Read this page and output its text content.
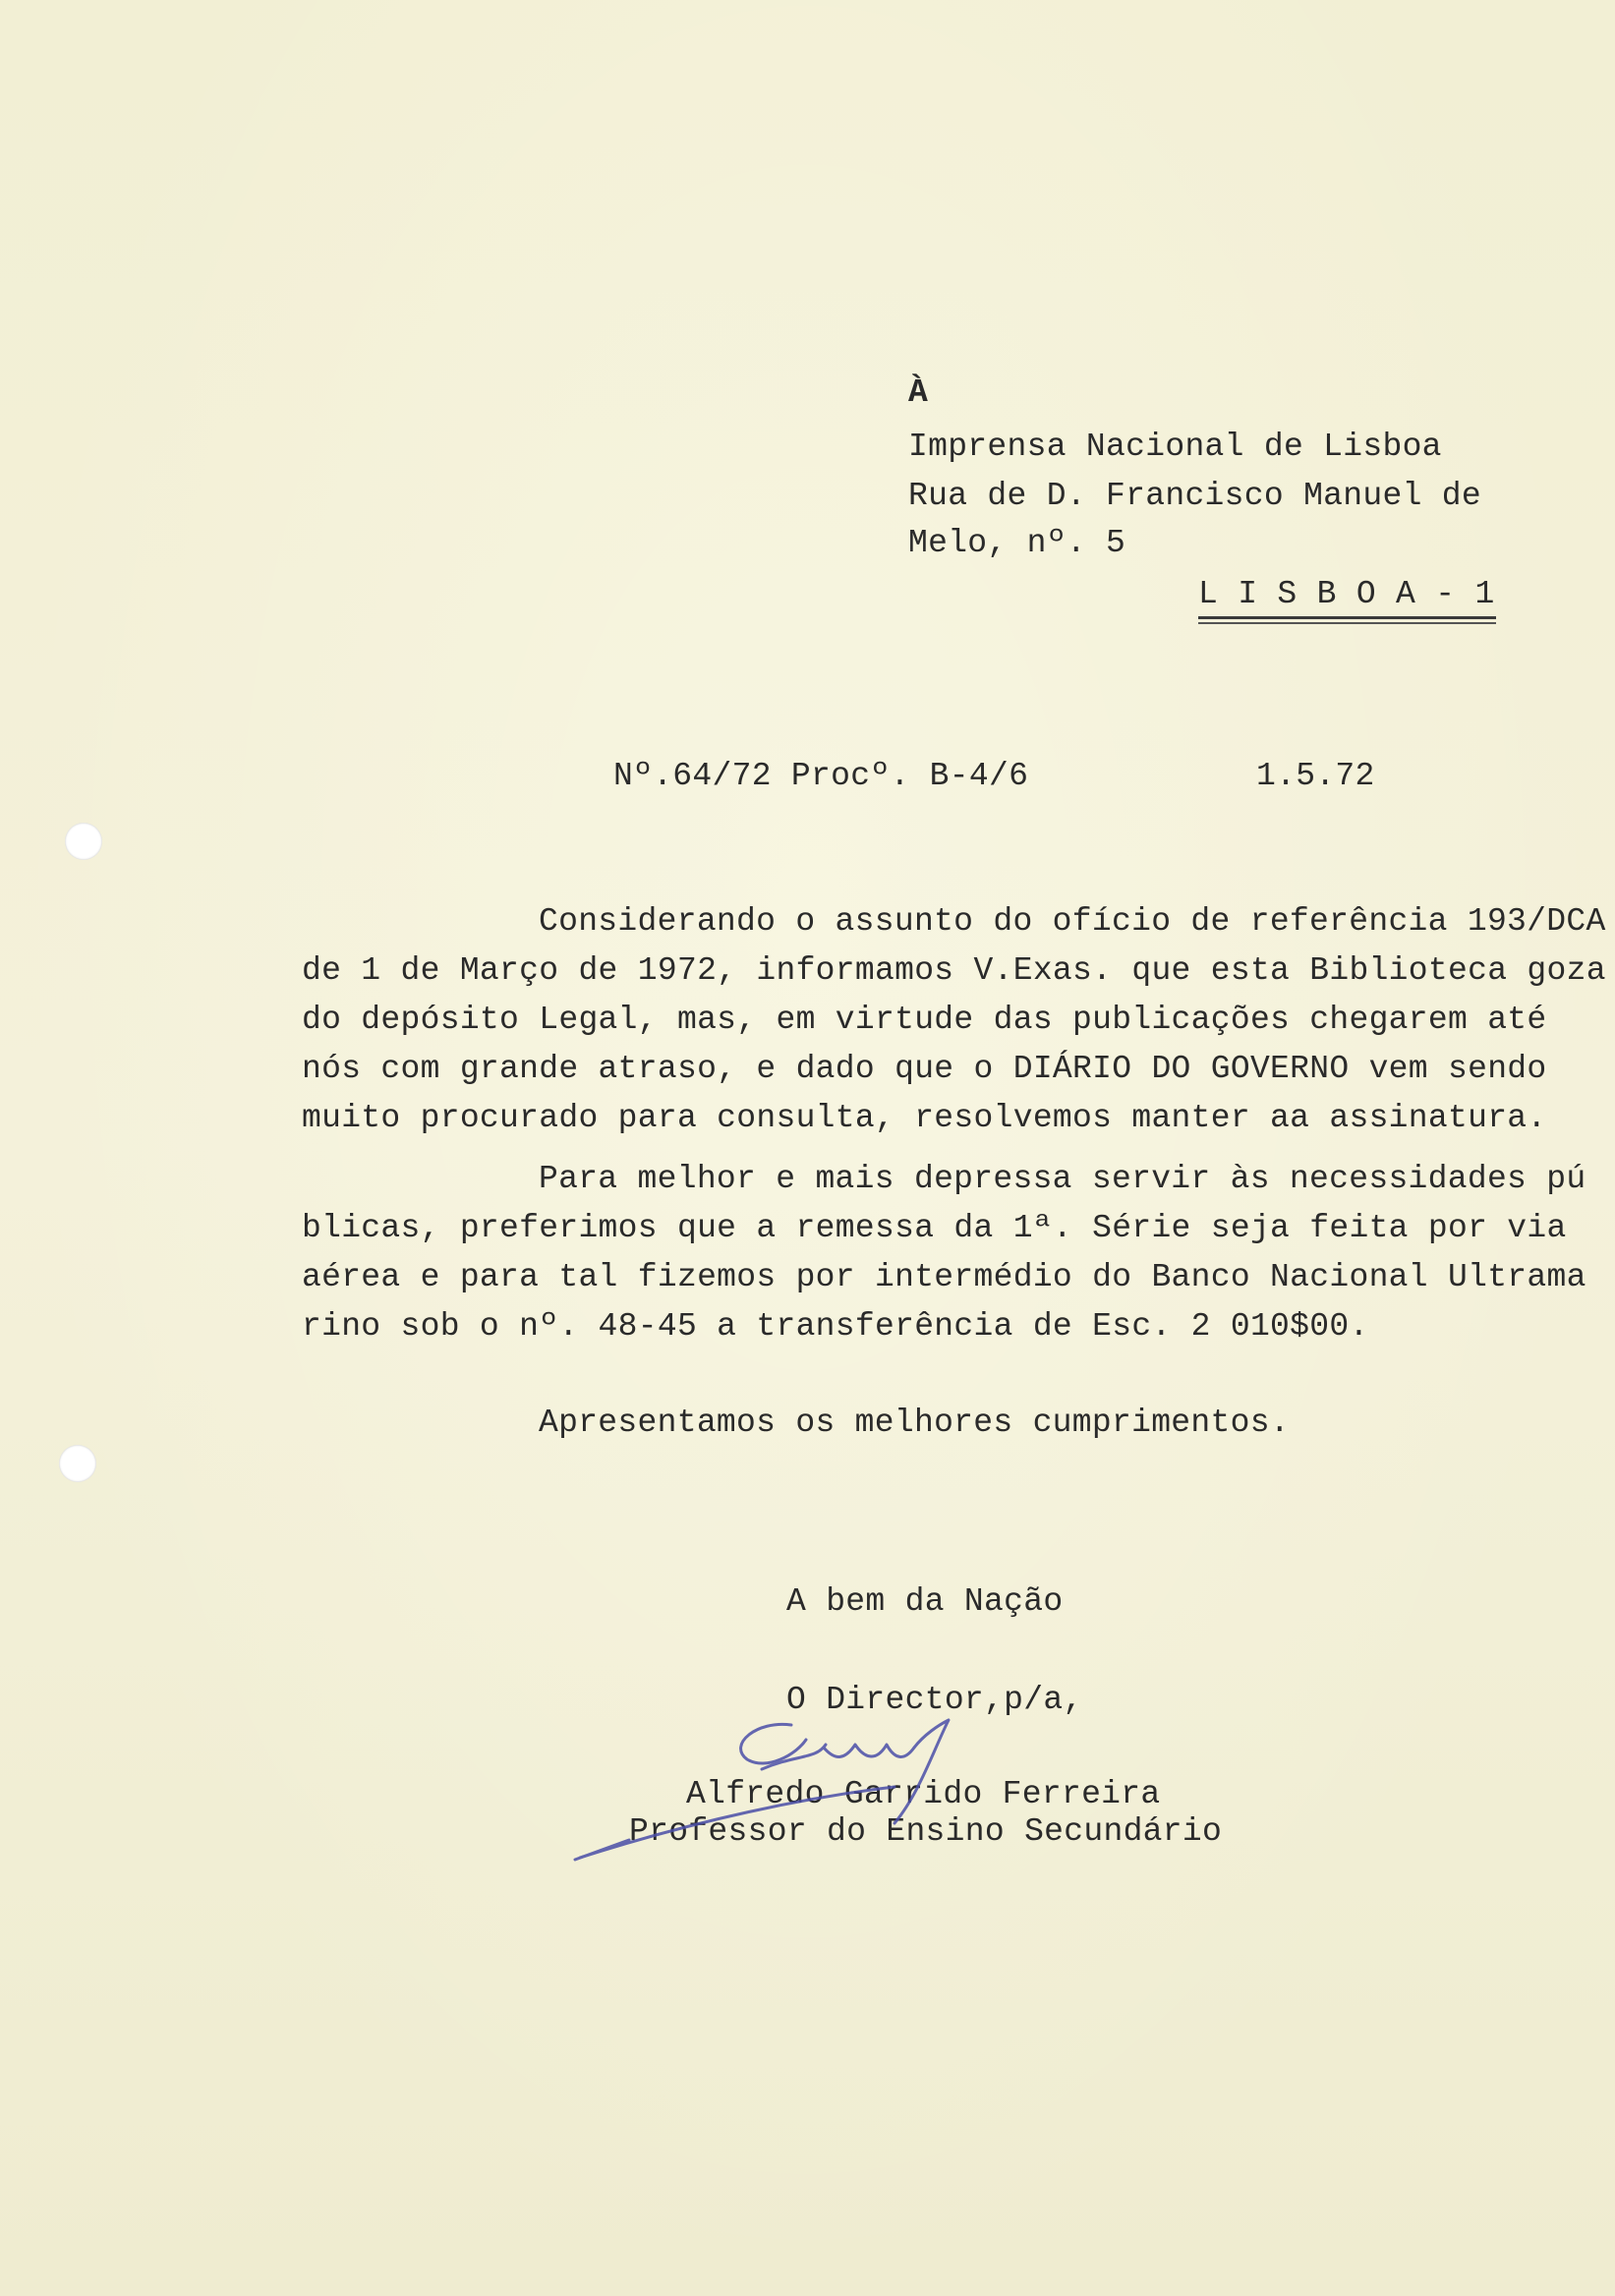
À

Imprensa Nacional de Lisboa

Rua de D. Francisco Manuel de

Melo, nº. 5

L I S B O A - 1

Nº.64/72 Procº. B-4/6	1.5.72

Considerando o assunto do ofício de referência 193/DCA

de 1 de Março de 1972, informamos V.Exas. que esta Biblioteca goza

do depósito Legal, mas, em virtude das publicações chegarem até

nós com grande atraso, e dado que o DIÁRIO DO GOVERNO vem sendo

muito procurado para consulta, resolvemos manter aa assinatura.

Para melhor e mais depressa servir às necessidades pú

blicas, preferimos que a remessa da 1ª. Série seja feita por via

aérea e para tal fizemos por intermédio do Banco Nacional Ultrama

rino sob o nº. 48-45 a transferência de Esc. 2 010$00.

Apresentamos os melhores cumprimentos.

A bem da Nação

O Director,p/a,

Alfredo Garrido Ferreira

Professor do Ensino Secundário
